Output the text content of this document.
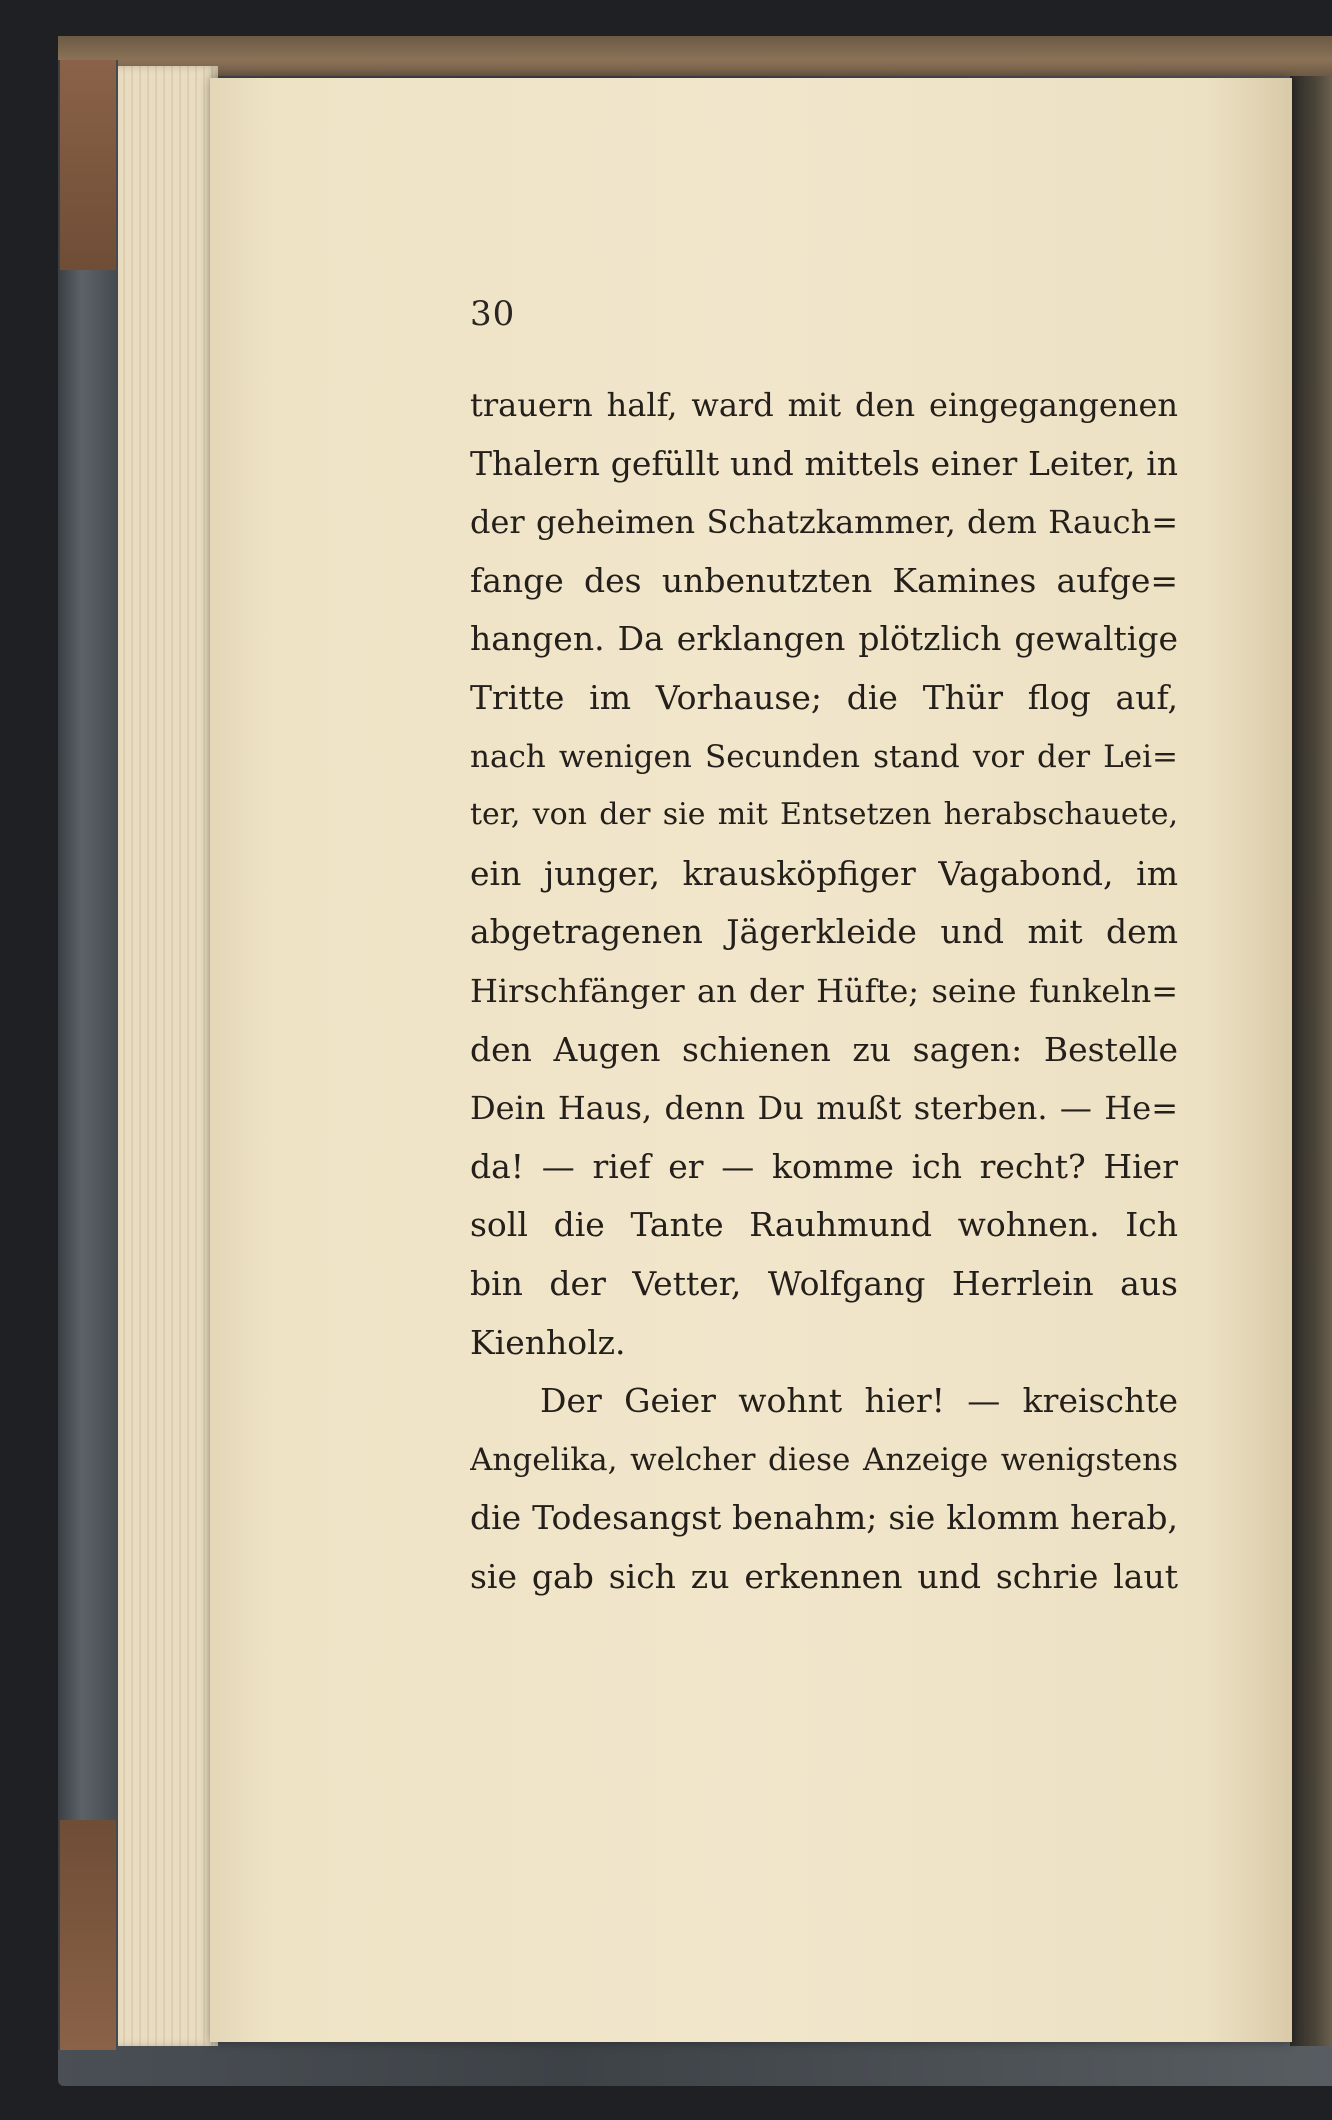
30
trauern half, ward mit den eingegangenen
Thalern gefüllt und mittels einer Leiter, in
der geheimen Schatzkammer, dem Rauch=
fange des unbenutzten Kamines aufge=
hangen. Da erklangen plötzlich gewaltige
Tritte im Vorhause; die Thür flog auf,
nach wenigen Secunden stand vor der Lei=
ter, von der sie mit Entsetzen herabschauete,
ein junger, krausköpfiger Vagabond, im
abgetragenen Jägerkleide und mit dem
Hirschfänger an der Hüfte; seine funkeln=
den Augen schienen zu sagen: Bestelle
Dein Haus, denn Du mußt sterben. — He=
da! — rief er — komme ich recht? Hier
soll die Tante Rauhmund wohnen. Ich
bin der Vetter, Wolfgang Herrlein aus
Kienholz.
Der Geier wohnt hier! — kreischte
Angelika, welcher diese Anzeige wenigstens
die Todesangst benahm; sie klomm herab,
sie gab sich zu erkennen und schrie laut
